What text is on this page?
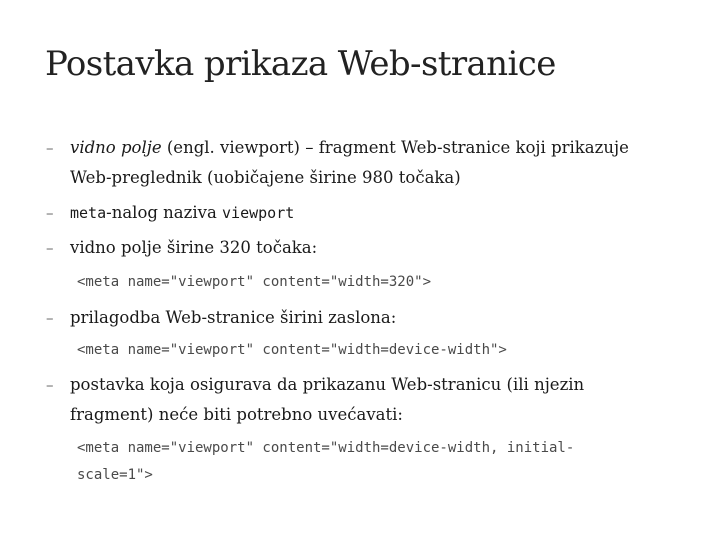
Postavka prikaza Web-stranice
– vidno polje (engl. viewport) – fragment Web-stranice koji prikazuje
Web-preglednik (uobičajene širine 980 točaka)
– meta-nalog naziva viewport
– vidno polje širine 320 točaka:
<meta name="viewport" content="width=320">
– prilagodba Web-stranice širini zaslona:
<meta name="viewport" content="width=device-width">
– postavka koja osigurava da prikazanu Web-stranicu (ili njezin
fragment) neće biti potrebno uvećavati:
<meta name="viewport" content="width=device-width, initial-
scale=1">
